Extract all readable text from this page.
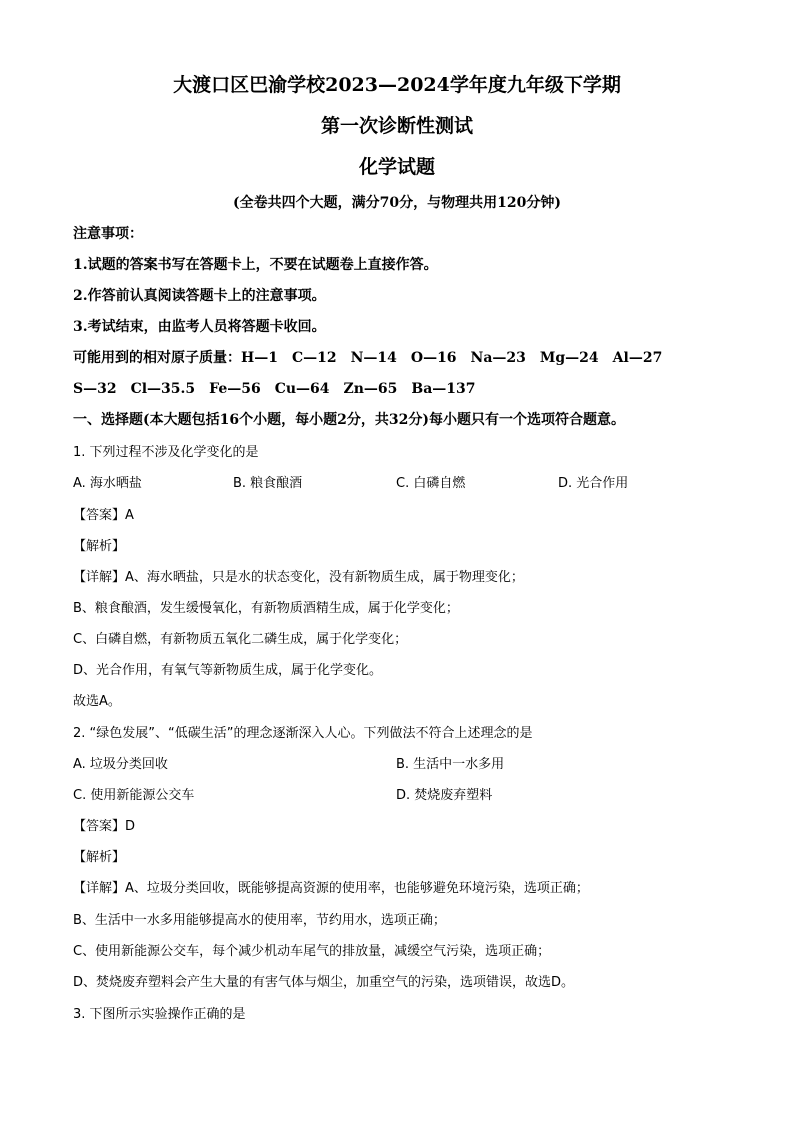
大渡口区巴渝学校2023—2024学年度九年级下学期
第一次诊断性测试
化学试题
(全卷共四个大题，满分70分，与物理共用120分钟)
注意事项：
1.试题的答案书写在答题卡上，不要在试题卷上直接作答。
2.作答前认真阅读答题卡上的注意事项。
3.考试结束，由监考人员将答题卡收回。
可能用到的相对原子质量：H—1　C—12　N—14　O—16　Na—23　Mg—24　Al—27
S—32　Cl—35.5　Fe—56　Cu—64　Zn—65　Ba—137
一、选择题(本大题包括16个小题，每小题2分，共32分)每小题只有一个选项符合题意。
1. 下列过程不涉及化学变化的是
A. 海水晒盐	B. 粮食酿酒	C. 白磷自燃	D. 光合作用
【答案】A
【解析】
【详解】A、海水晒盐，只是水的状态变化，没有新物质生成，属于物理变化；
B、粮食酿酒，发生缓慢氧化，有新物质酒精生成，属于化学变化；
C、白磷自燃，有新物质五氧化二磷生成，属于化学变化；
D、光合作用，有氧气等新物质生成，属于化学变化。
故选A。
2. “绿色发展”、“低碳生活”的理念逐渐深入人心。下列做法不符合上述理念的是
A. 垃圾分类回收	B. 生活中一水多用
C. 使用新能源公交车	D. 焚烧废弃塑料
【答案】D
【解析】
【详解】A、垃圾分类回收，既能够提高资源的使用率，也能够避免环境污染，选项正确；
B、生活中一水多用能够提高水的使用率，节约用水，选项正确；
C、使用新能源公交车，每个减少机动车尾气的排放量，减缓空气污染，选项正确；
D、焚烧废弃塑料会产生大量的有害气体与烟尘，加重空气的污染，选项错误，故选D。
3. 下图所示实验操作正确的是
